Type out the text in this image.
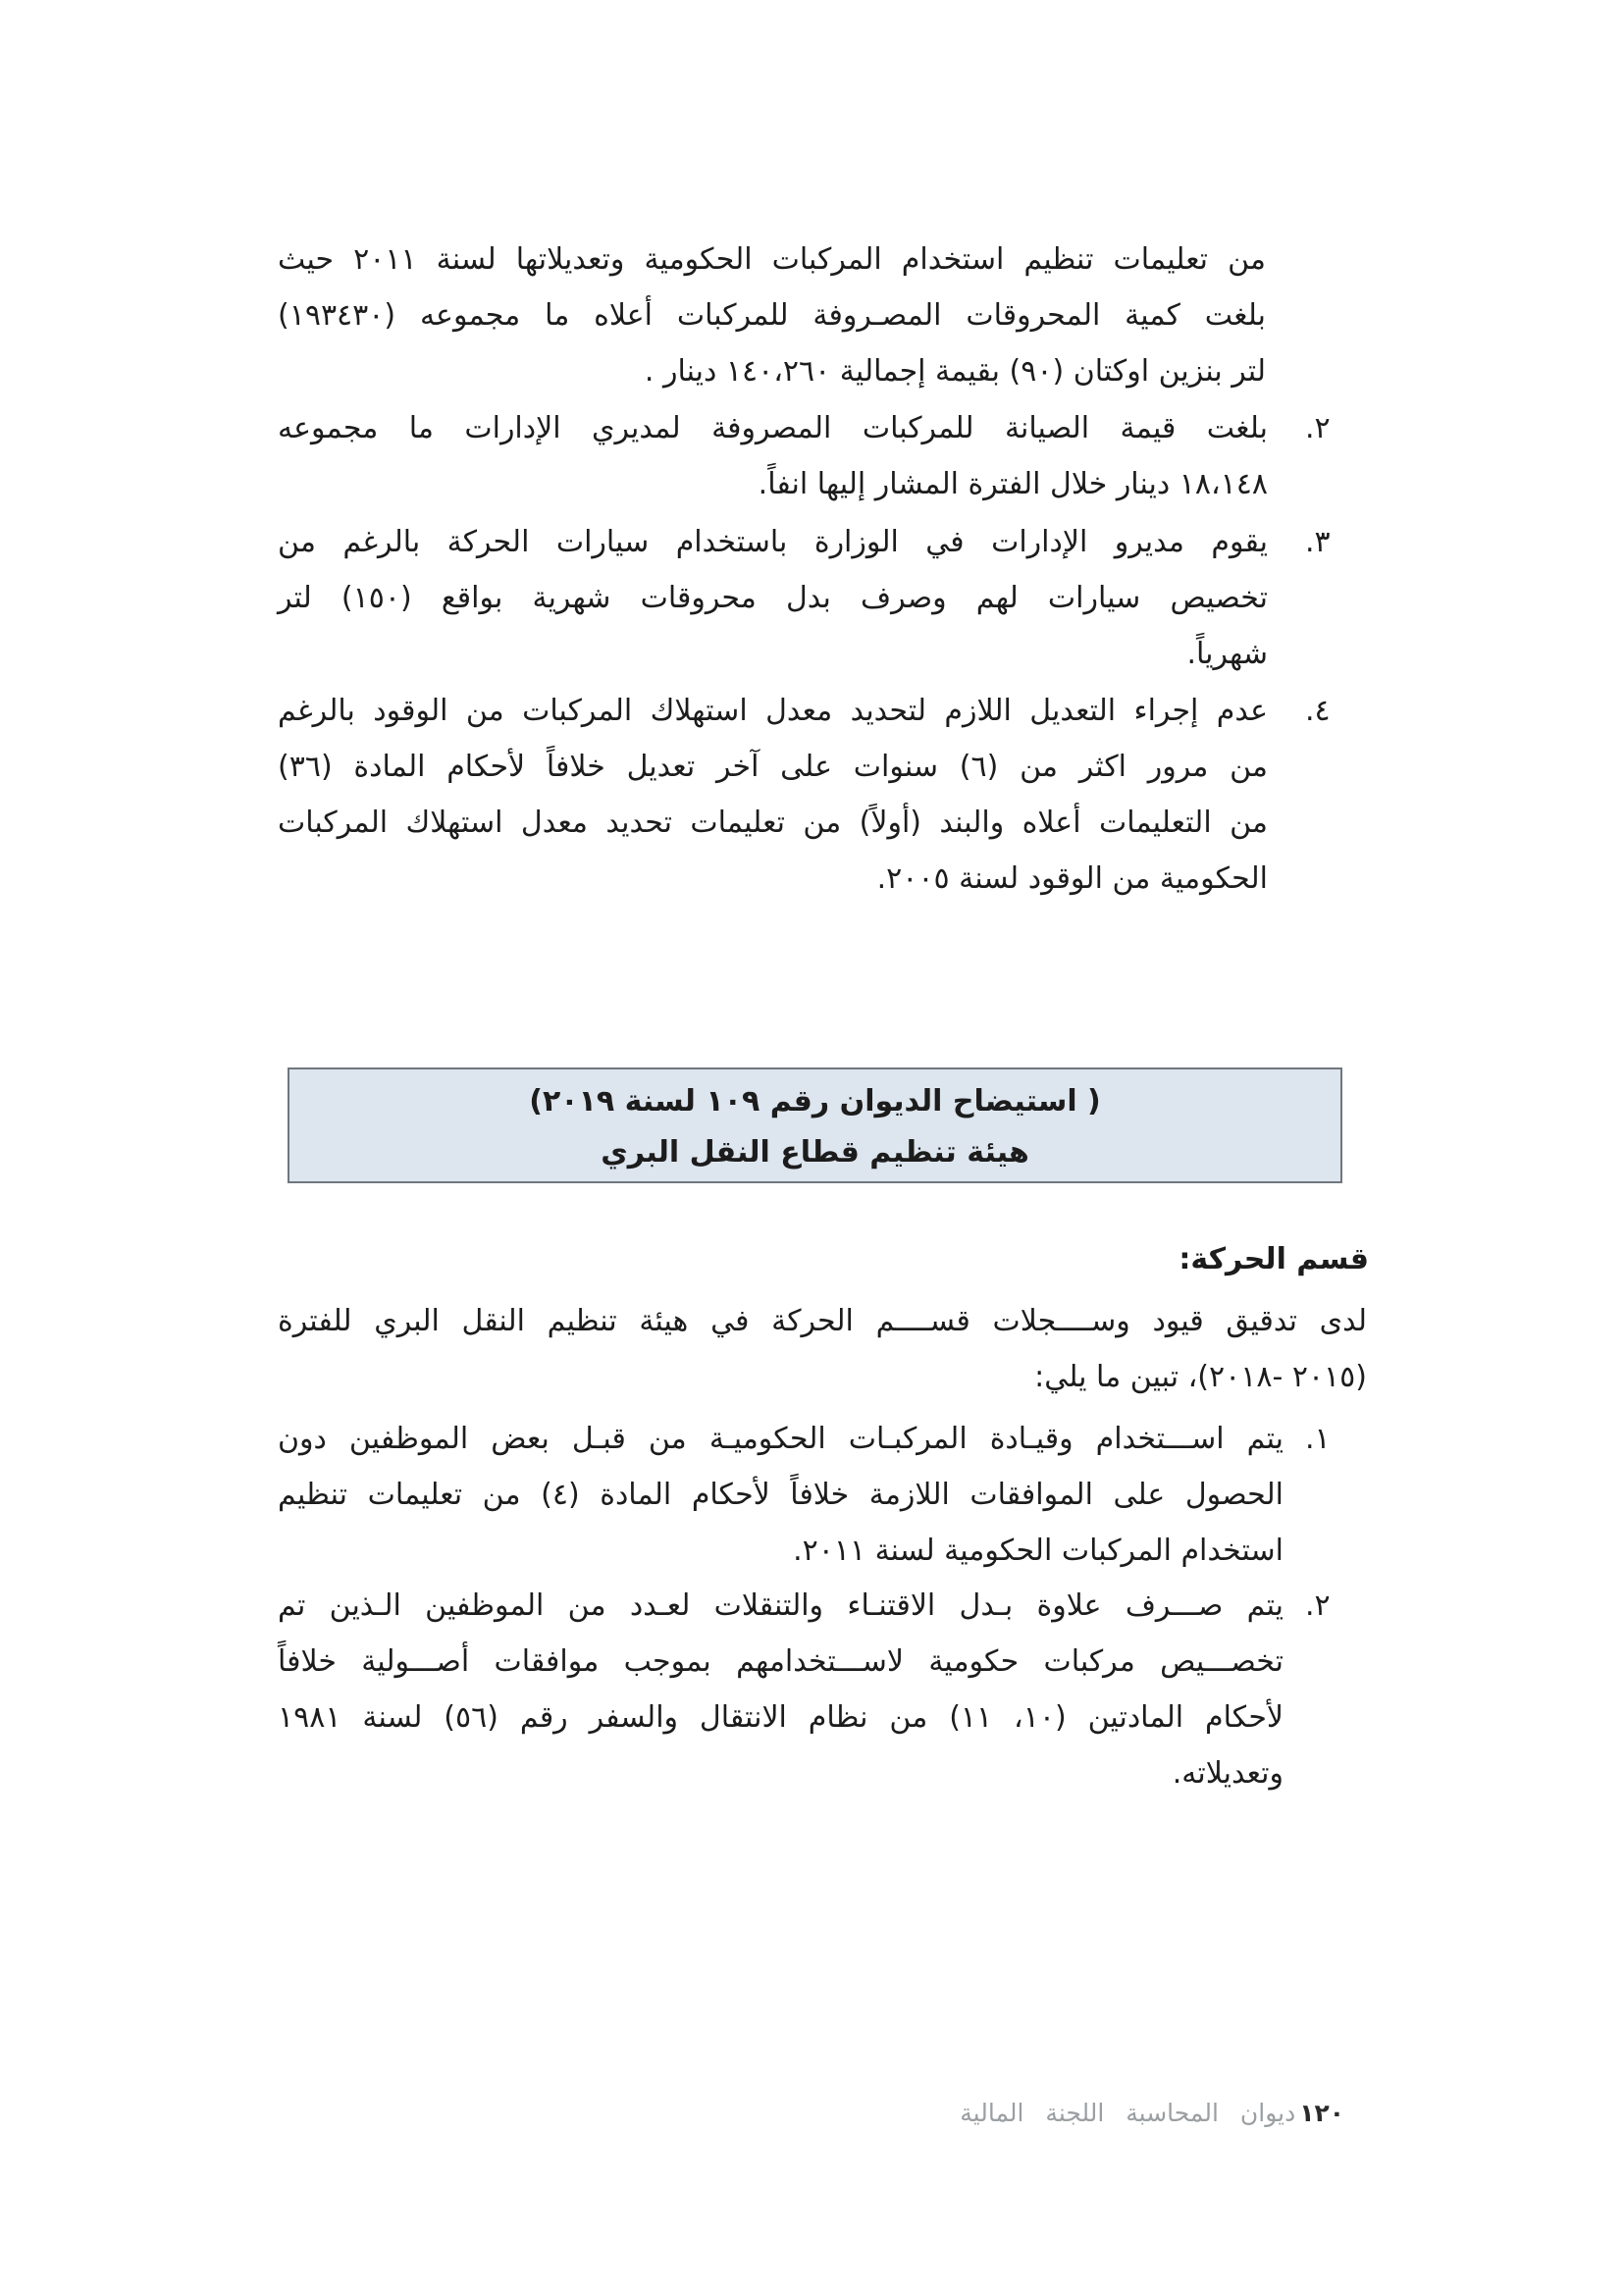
من تعليمات تنظيم استخدام المركبات الحكومية وتعديلاتها لسنة ٢٠١١ حيث
بلغت كمية المحروقات المصـروفة للمركبات أعلاه ما مجموعه (١٩٣٤٣٠)
لتر بنزين اوكتان (٩٠) بقيمة إجمالية ١٤٠،٢٦٠ دينار .
٢.
بلغت قيمة الصيانة للمركبات المصروفة لمديري الإدارات ما مجموعه
١٨،١٤٨ دينار خلال الفترة المشار إليها انفاً.
٣.
يقوم مديرو الإدارات في الوزارة باستخدام سيارات الحركة بالرغم من
تخصيص سيارات لهم وصرف بدل محروقات شهرية بواقع (١٥٠) لتر
شهرياً.
٤.
عدم إجراء التعديل اللازم لتحديد معدل استهلاك المركبات من الوقود بالرغم
من مرور اكثر من (٦) سنوات على آخر تعديل خلافاً لأحكام المادة (٣٦)
من التعليمات أعلاه والبند (أولاً) من تعليمات تحديد معدل استهلاك المركبات
الحكومية من الوقود لسنة ٢٠٠٥.
( استيضاح الديوان رقم ١٠٩ لسنة ٢٠١٩)
هيئة تنظيم قطاع النقل البري
قسم الحركة:
لدى تدقيق قيود وســــجلات قســــم الحركة في هيئة تنظيم النقل البري للفترة
(٢٠١٥ -٢٠١٨)، تبين ما يلي:
١.
يتم اســـتخدام وقيـادة المركبـات الحكوميـة من قبـل بعض الموظفين دون
الحصول على الموافقات اللازمة خلافاً لأحكام المادة (٤) من تعليمات تنظيم
استخدام المركبات الحكومية لسنة ٢٠١١.
٢.
يتم صـــرف علاوة بـدل الاقتنـاء والتنقلات لعـدد من الموظفين الـذين تم
تخصـــيص مركبات حكومية لاســـتخدامهم بموجب موافقات أصـــولية خلافاً
لأحكام المادتين (١٠، ١١) من نظام الانتقال والسفر رقم (٥٦) لسنة ١٩٨١
وتعديلاته.
١٢٠
ديوان المحاسبة اللجنة المالية
